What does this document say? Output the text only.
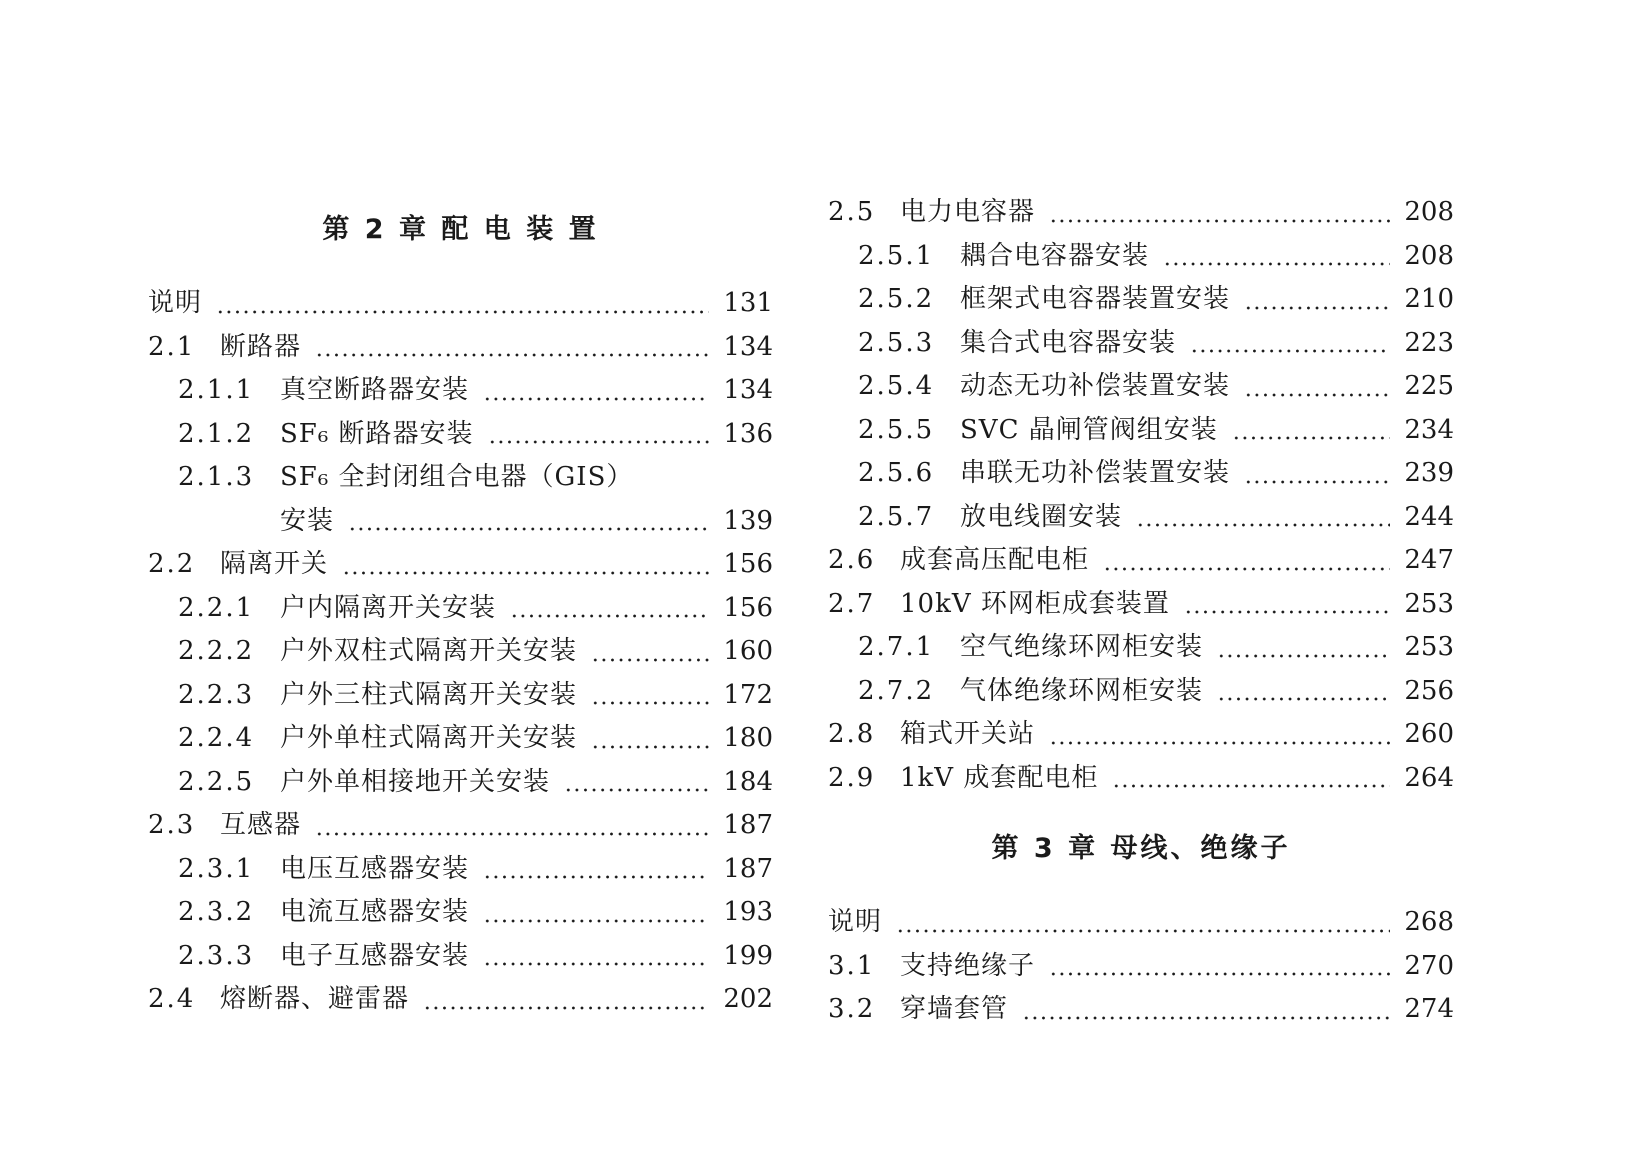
第 2 章 配 电 装 置
说明	131
2.1 断路器	134
2.1.1 真空断路器安装	134
2.1.2 SF₆ 断路器安装	136
2.1.3 SF₆ 全封闭组合电器（GIS）
安装	139
2.2 隔离开关	156
2.2.1 户内隔离开关安装	156
2.2.2 户外双柱式隔离开关安装	160
2.2.3 户外三柱式隔离开关安装	172
2.2.4 户外单柱式隔离开关安装	180
2.2.5 户外单相接地开关安装	184
2.3 互感器	187
2.3.1 电压互感器安装	187
2.3.2 电流互感器安装	193
2.3.3 电子互感器安装	199
2.4 熔断器、避雷器	202
2.5 电力电容器	208
2.5.1 耦合电容器安装	208
2.5.2 框架式电容器装置安装	210
2.5.3 集合式电容器安装	223
2.5.4 动态无功补偿装置安装	225
2.5.5 SVC 晶闸管阀组安装	234
2.5.6 串联无功补偿装置安装	239
2.5.7 放电线圈安装	244
2.6 成套高压配电柜	247
2.7 10kV 环网柜成套装置	253
2.7.1 空气绝缘环网柜安装	253
2.7.2 气体绝缘环网柜安装	256
2.8 箱式开关站	260
2.9 1kV 成套配电柜	264
第 3 章 母线、绝缘子
说明	268
3.1 支持绝缘子	270
3.2 穿墙套管	274
